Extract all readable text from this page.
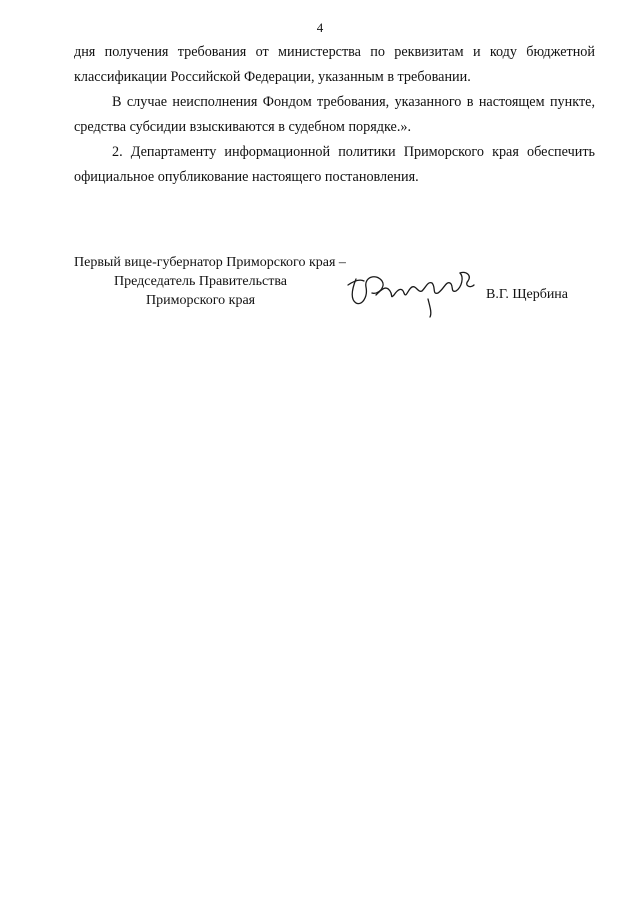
4

дня получения требования от министерства по реквизитам и коду бюджетной классификации Российской Федерации, указанным в требовании.

В случае неисполнения Фондом требования, указанного в настоящем пункте, средства субсидии взыскиваются в судебном порядке.».

2. Департаменту информационной политики Приморского края обеспечить официальное опубликование настоящего постановления.

Первый вице-губернатор Приморского края –
Председатель Правительства
Приморского края	В.Г. Щербина
